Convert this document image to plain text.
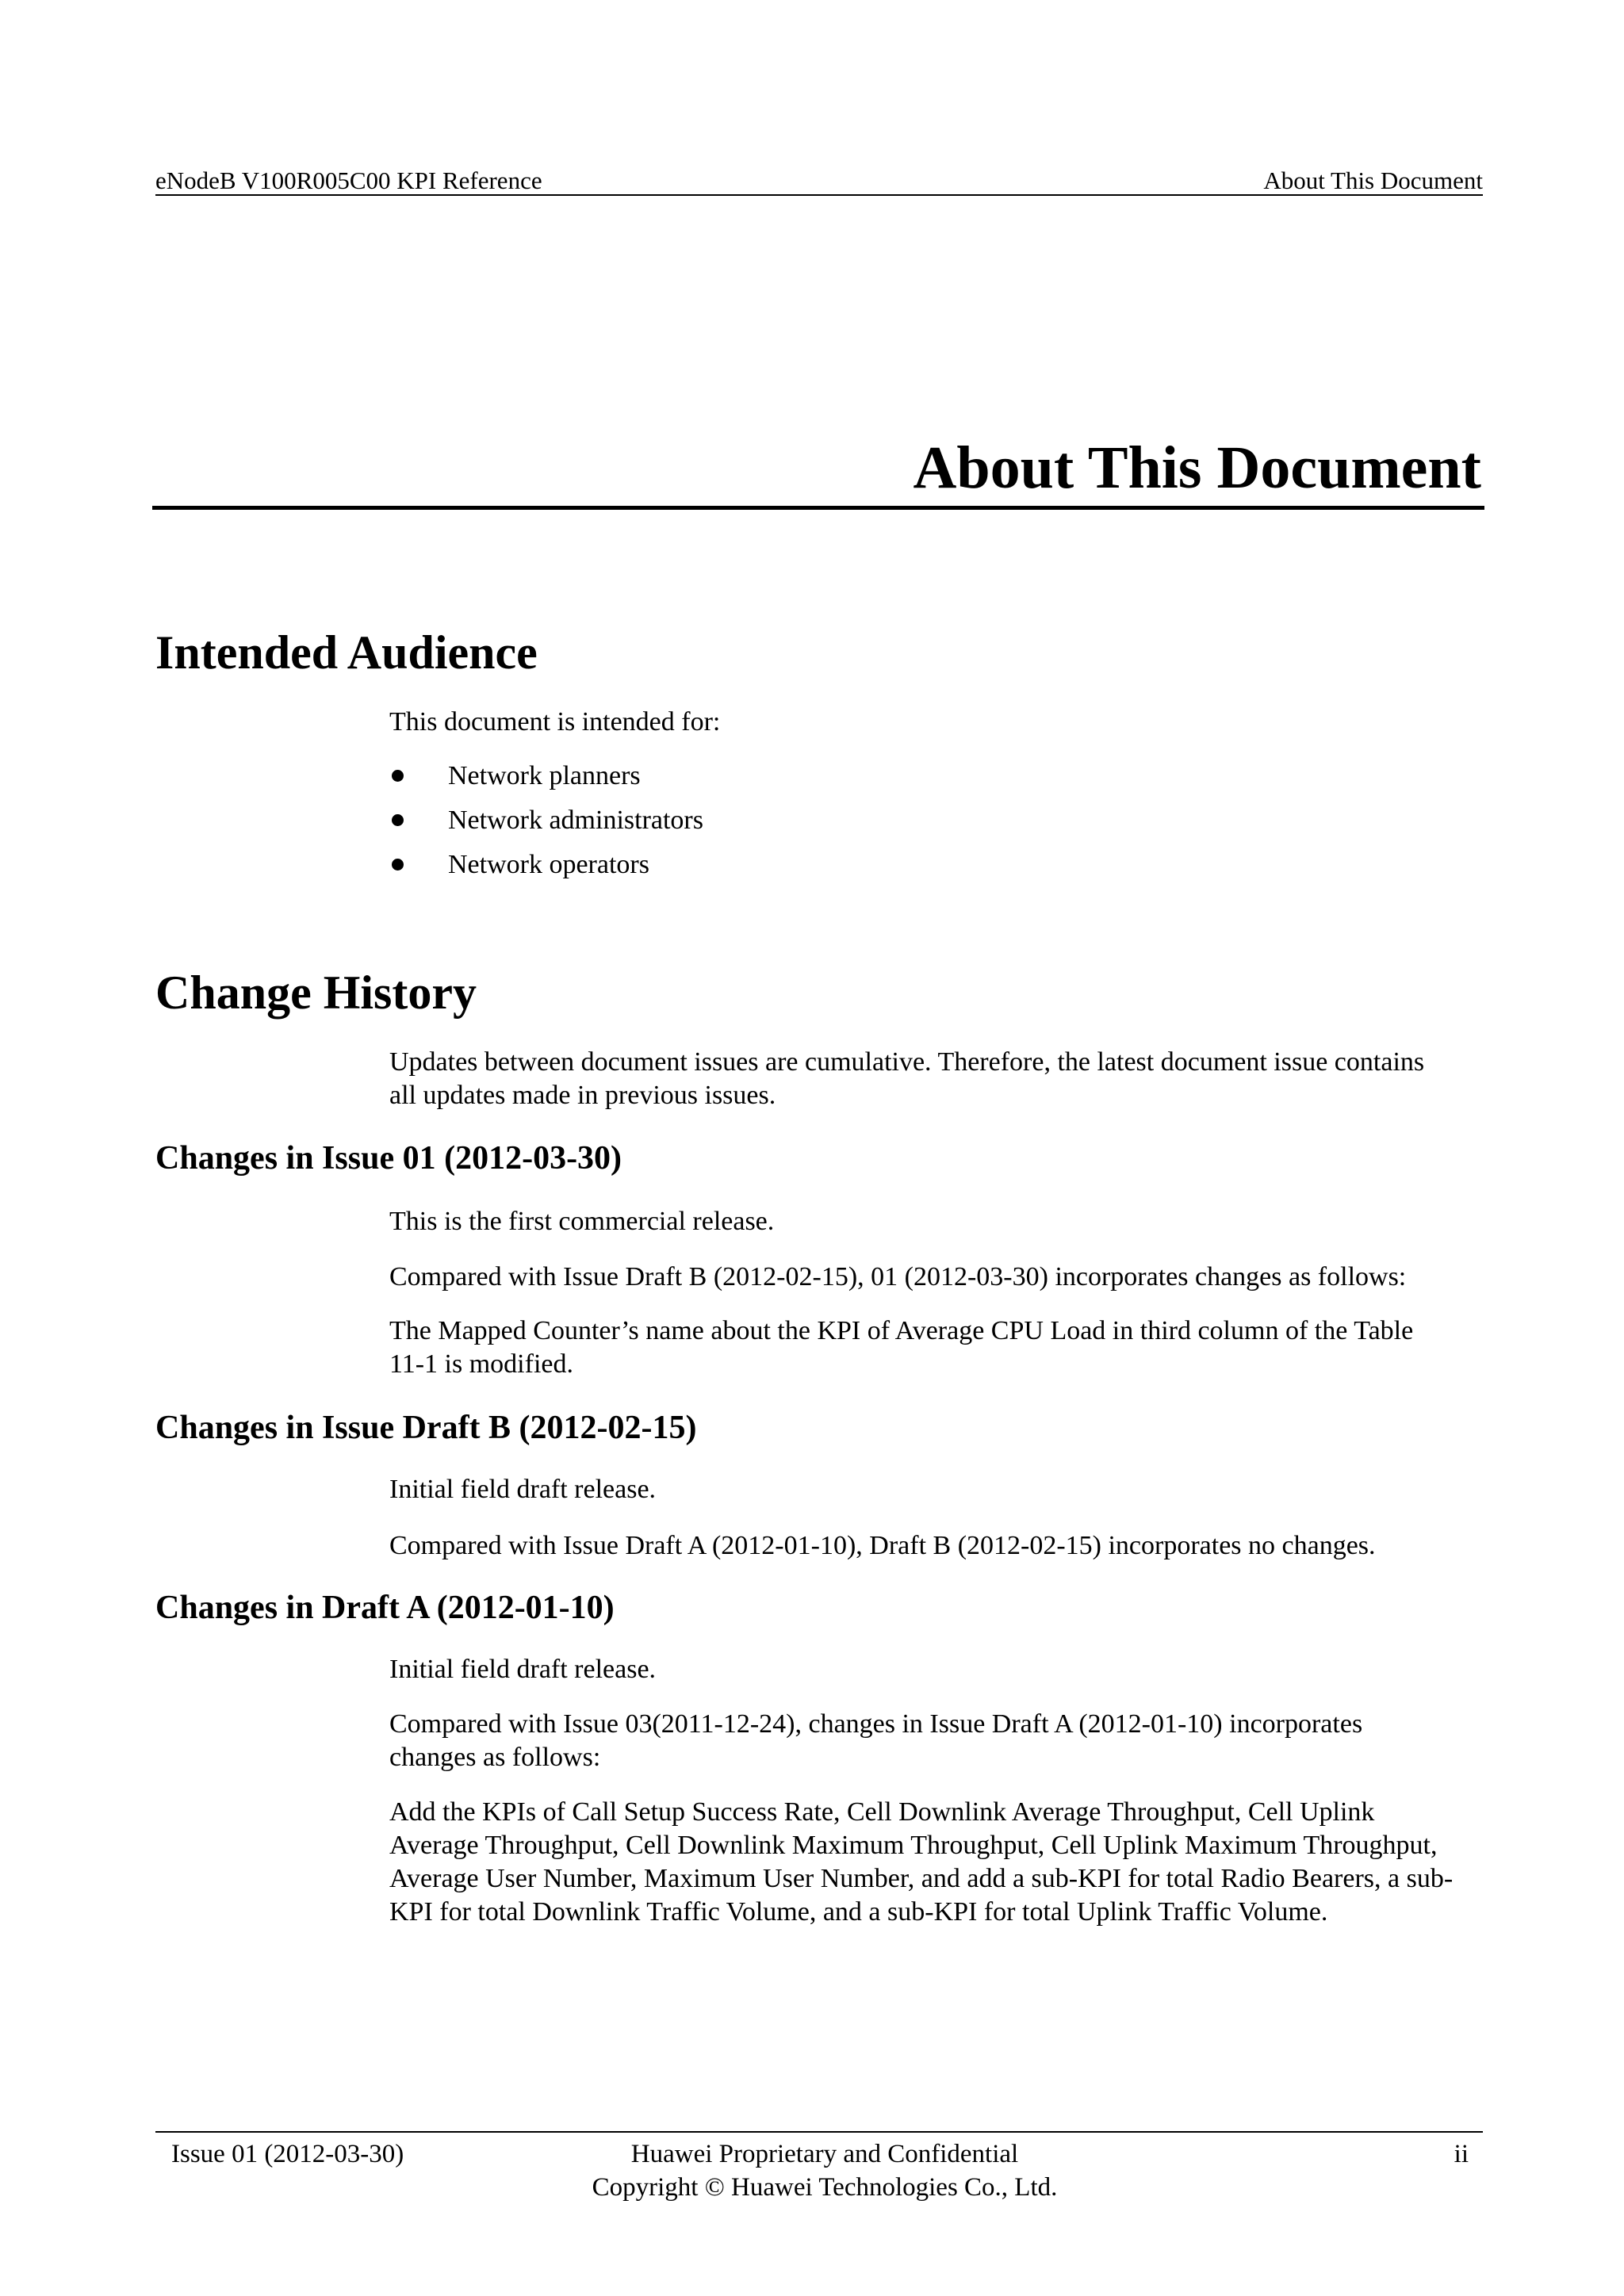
eNodeB V100R005C00 KPI Reference	About This Document
About This Document
Intended Audience
This document is intended for:
Network planners
Network administrators
Network operators
Change History
Updates between document issues are cumulative. Therefore, the latest document issue contains all updates made in previous issues.
Changes in Issue 01 (2012-03-30)
This is the first commercial release.
Compared with Issue Draft B (2012-02-15), 01 (2012-03-30) incorporates changes as follows:
The Mapped Counter’s name about the KPI of Average CPU Load in third column of the Table 11-1 is modified.
Changes in Issue Draft B (2012-02-15)
Initial field draft release.
Compared with Issue Draft A (2012-01-10), Draft B (2012-02-15) incorporates no changes.
Changes in Draft A (2012-01-10)
Initial field draft release.
Compared with Issue 03(2011-12-24), changes in Issue Draft A (2012-01-10) incorporates changes as follows:
Add the KPIs of Call Setup Success Rate, Cell Downlink Average Throughput, Cell Uplink Average Throughput, Cell Downlink Maximum Throughput, Cell Uplink Maximum Throughput, Average User Number, Maximum User Number, and add a sub-KPI for total Radio Bearers, a sub-KPI for total Downlink Traffic Volume, and a sub-KPI for total Uplink Traffic Volume.
Issue 01 (2012-03-30)	Huawei Proprietary and Confidential
Copyright © Huawei Technologies Co., Ltd.
ii
